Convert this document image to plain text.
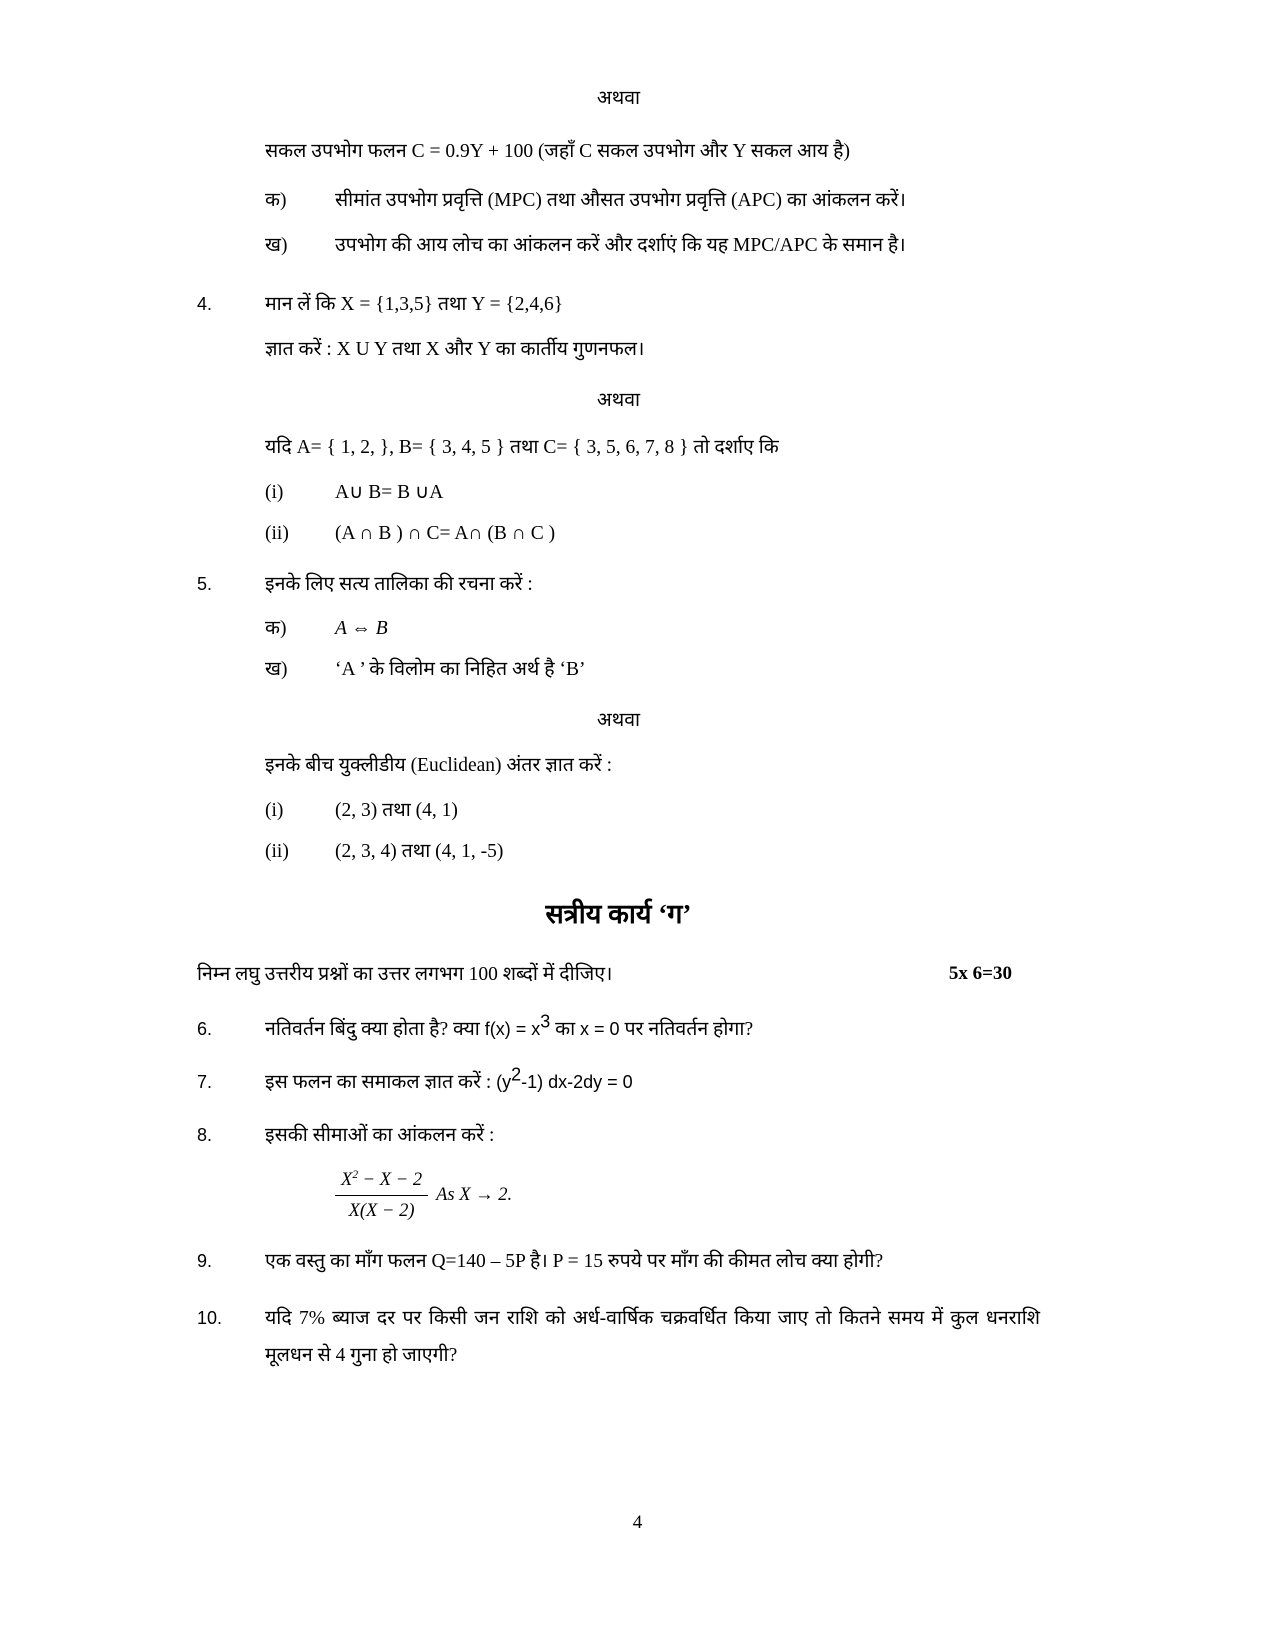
अथवा
सकल उपभोग फलन C = 0.9Y + 100 (जहाँ C सकल उपभोग और Y सकल आय है)
क)	सीमांत उपभोग प्रवृत्ति (MPC) तथा औसत उपभोग प्रवृत्ति (APC) का आंकलन करें।
ख)	उपभोग की आय लोच का आंकलन करें और दर्शाएं कि यह MPC/APC के समान है।
4.	मान लें कि X = {1,3,5} तथा Y = {2,4,6}
ज्ञात करें : X U Y तथा X और Y का कार्तीय गुणनफल।
अथवा
यदि A= { 1, 2, }, B= { 3, 4, 5 } तथा C= { 3, 5, 6, 7, 8 } तो दर्शाए कि
(i)	A∪ B= B ∪A
(ii)	(A ∩ B ) ∩ C= A∩ (B ∩ C )
5.	इनके लिए सत्य तालिका की रचना करें :
क)	A ⇔ B
ख)	‘A ’ के विलोम का निहित अर्थ है ‘B’
अथवा
इनके बीच युक्लीडीय (Euclidean) अंतर ज्ञात करें :
(i)	(2, 3) तथा (4, 1)
(ii)	(2, 3, 4) तथा (4, 1, -5)
सत्रीय कार्य ‘ग’
निम्न लघु उत्तरीय प्रश्नों का उत्तर लगभग 100 शब्दों में दीजिए।	5x 6=30
6.	नतिवर्तन बिंदु क्या होता है? क्या $f(x) = x^3$ का x = 0 पर नतिवर्तन होगा?
7.	इस फलन का समाकल ज्ञात करें : $(y^2-1) dx-2dy = 0$
8.	इसकी सीमाओं का आंकलन करें :
$\frac{X^2 - X - 2}{X(X - 2)}$ As X → 2.
9.	एक वस्तु का माँग फलन Q=140 – 5P है। P = 15 रुपये पर माँग की कीमत लोच क्या होगी?
10.	यदि 7% ब्याज दर पर किसी जन राशि को अर्ध-वार्षिक चक्रवर्धित किया जाए तो कितने समय में कुल धनराशि मूलधन से 4 गुना हो जाएगी?
4
